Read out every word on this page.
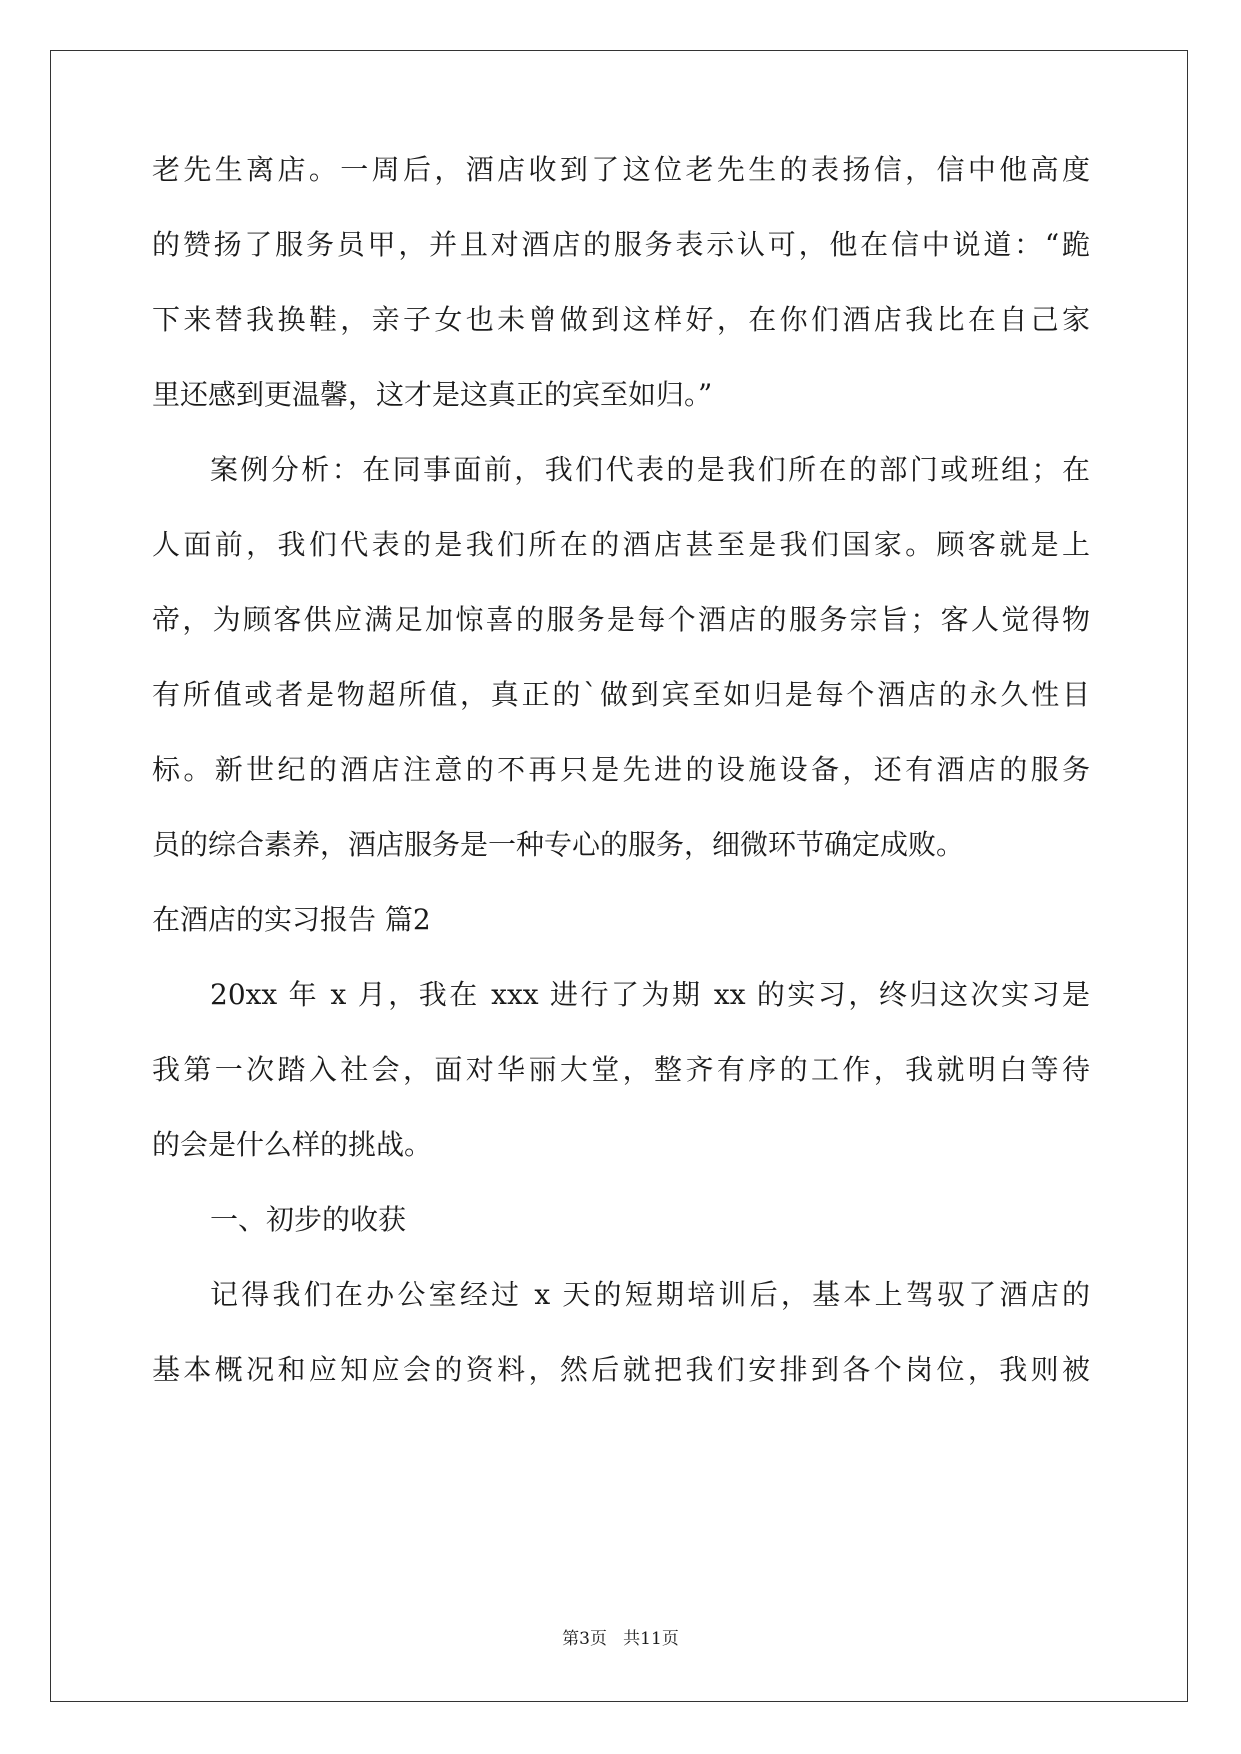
老先生离店。一周后，酒店收到了这位老先生的表扬信，信中他高度
的赞扬了服务员甲，并且对酒店的服务表示认可，他在信中说道：“跪
下来替我换鞋，亲子女也未曾做到这样好，在你们酒店我比在自己家
里还感到更温馨，这才是这真正的宾至如归。”
案例分析：在同事面前，我们代表的是我们所在的部门或班组；在
人面前，我们代表的是我们所在的酒店甚至是我们国家。顾客就是上
帝，为顾客供应满足加惊喜的服务是每个酒店的服务宗旨；客人觉得物
有所值或者是物超所值，真正的`做到宾至如归是每个酒店的永久性目
标。新世纪的酒店注意的不再只是先进的设施设备，还有酒店的服务
员的综合素养，酒店服务是一种专心的服务，细微环节确定成败。
在酒店的实习报告 篇2
20xx 年 x 月，我在 xxx 进行了为期 xx 的实习，终归这次实习是
我第一次踏入社会，面对华丽大堂，整齐有序的工作，我就明白等待
的会是什么样的挑战。
一、初步的收获
记得我们在办公室经过 x 天的短期培训后，基本上驾驭了酒店的
基本概况和应知应会的资料，然后就把我们安排到各个岗位，我则被
第3页   共11页
